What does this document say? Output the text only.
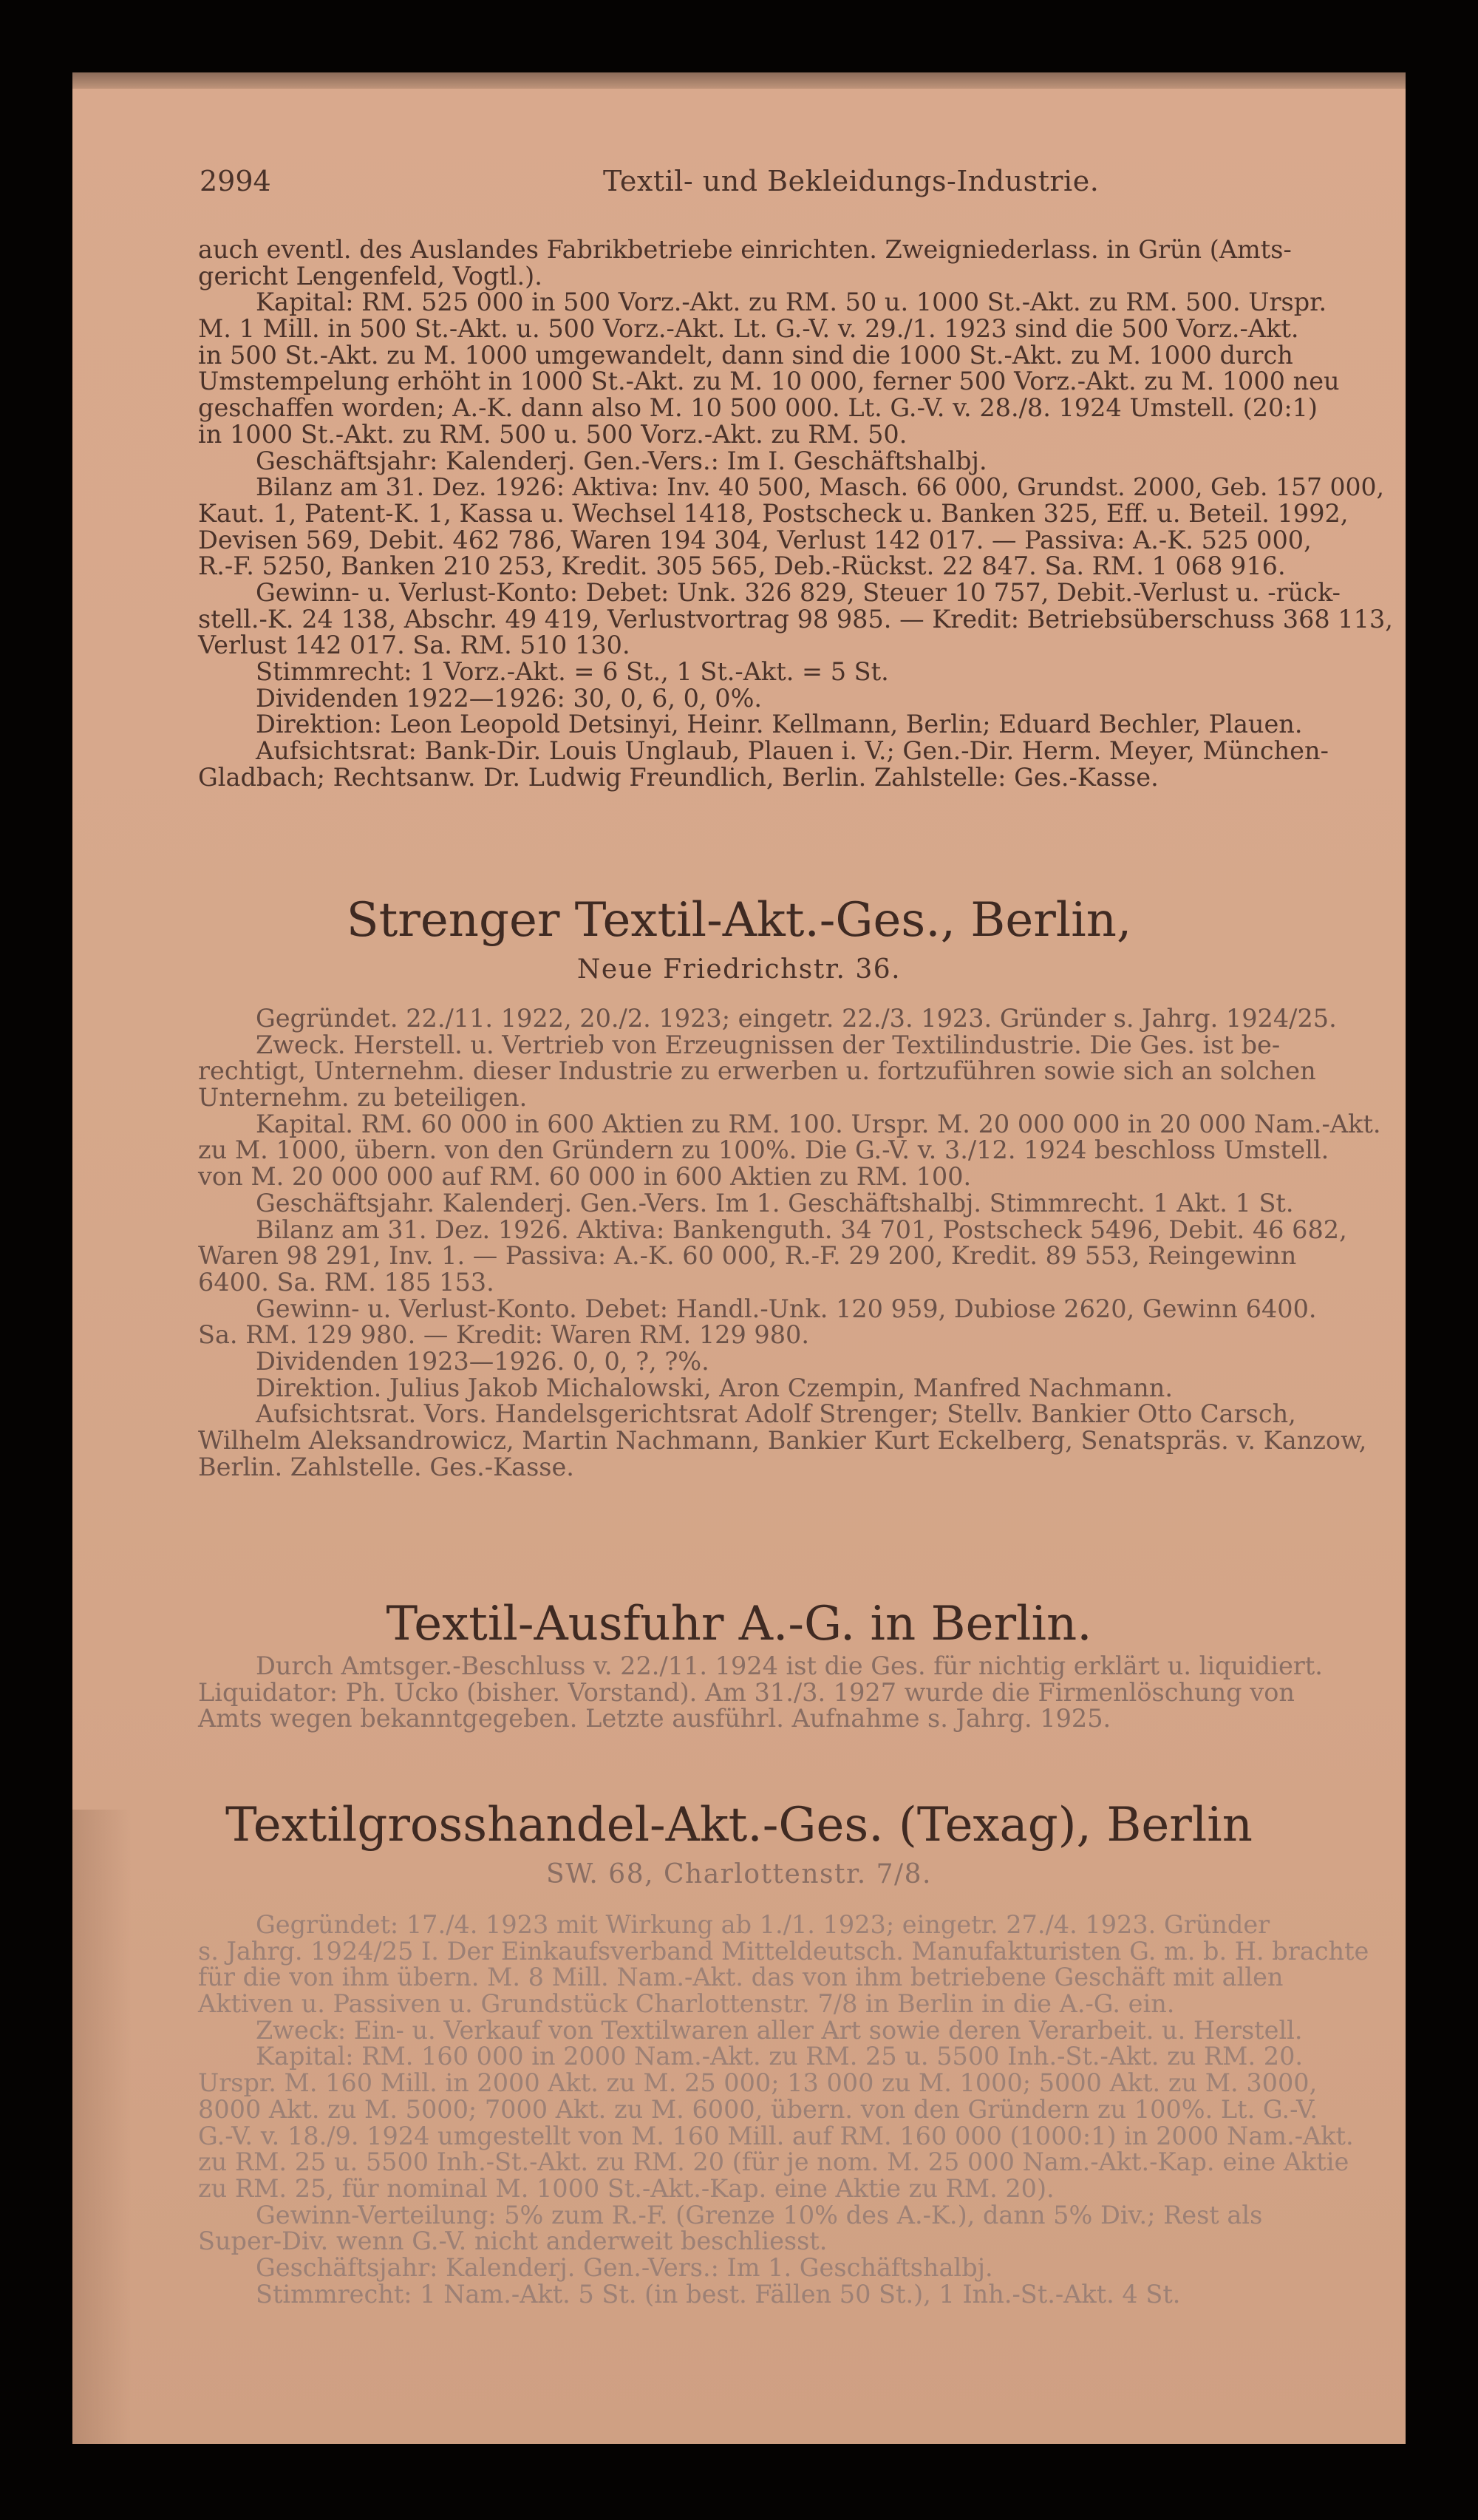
2994	Textil- und Bekleidungs-Industrie.

auch eventl. des Auslandes Fabrikbetriebe einrichten. Zweigniederlass. in Grün (Amts-

gericht Lengenfeld, Vogtl.).

Kapital: RM. 525 000 in 500 Vorz.-Akt. zu RM. 50 u. 1000 St.-Akt. zu RM. 500. Urspr.

M. 1 Mill. in 500 St.-Akt. u. 500 Vorz.-Akt. Lt. G.-V. v. 29./1. 1923 sind die 500 Vorz.-Akt.

in 500 St.-Akt. zu M. 1000 umgewandelt, dann sind die 1000 St.-Akt. zu M. 1000 durch

Umstempelung erhöht in 1000 St.-Akt. zu M. 10 000, ferner 500 Vorz.-Akt. zu M. 1000 neu

geschaffen worden; A.-K. dann also M. 10 500 000. Lt. G.-V. v. 28./8. 1924 Umstell. (20:1)

in 1000 St.-Akt. zu RM. 500 u. 500 Vorz.-Akt. zu RM. 50.

Geschäftsjahr: Kalenderj. Gen.-Vers.: Im I. Geschäftshalbj.

Bilanz am 31. Dez. 1926: Aktiva: Inv. 40 500, Masch. 66 000, Grundst. 2000, Geb. 157 000,

Kaut. 1, Patent-K. 1, Kassa u. Wechsel 1418, Postscheck u. Banken 325, Eff. u. Beteil. 1992,

Devisen 569, Debit. 462 786, Waren 194 304, Verlust 142 017. — Passiva: A.-K. 525 000,

R.-F. 5250, Banken 210 253, Kredit. 305 565, Deb.-Rückst. 22 847. Sa. RM. 1 068 916.

Gewinn- u. Verlust-Konto: Debet: Unk. 326 829, Steuer 10 757, Debit.-Verlust u. -rück-

stell.-K. 24 138, Abschr. 49 419, Verlustvortrag 98 985. — Kredit: Betriebsüberschuss 368 113,

Verlust 142 017. Sa. RM. 510 130.

Stimmrecht: 1 Vorz.-Akt. = 6 St., 1 St.-Akt. = 5 St.

Dividenden 1922—1926: 30, 0, 6, 0, 0%.

Direktion: Leon Leopold Detsinyi, Heinr. Kellmann, Berlin; Eduard Bechler, Plauen.

Aufsichtsrat: Bank-Dir. Louis Unglaub, Plauen i. V.; Gen.-Dir. Herm. Meyer, München-

Gladbach; Rechtsanw. Dr. Ludwig Freundlich, Berlin. Zahlstelle: Ges.-Kasse.

Strenger Textil-Akt.-Ges., Berlin,
Neue Friedrichstr. 36.

Gegründet. 22./11. 1922, 20./2. 1923; eingetr. 22./3. 1923. Gründer s. Jahrg. 1924/25.

Zweck. Herstell. u. Vertrieb von Erzeugnissen der Textilindustrie. Die Ges. ist be-

rechtigt, Unternehm. dieser Industrie zu erwerben u. fortzuführen sowie sich an solchen

Unternehm. zu beteiligen.

Kapital. RM. 60 000 in 600 Aktien zu RM. 100. Urspr. M. 20 000 000 in 20 000 Nam.-Akt.

zu M. 1000, übern. von den Gründern zu 100%. Die G.-V. v. 3./12. 1924 beschloss Umstell.

von M. 20 000 000 auf RM. 60 000 in 600 Aktien zu RM. 100.

Geschäftsjahr. Kalenderj. Gen.-Vers. Im 1. Geschäftshalbj. Stimmrecht. 1 Akt. 1 St.

Bilanz am 31. Dez. 1926. Aktiva: Bankenguth. 34 701, Postscheck 5496, Debit. 46 682,

Waren 98 291, Inv. 1. — Passiva: A.-K. 60 000, R.-F. 29 200, Kredit. 89 553, Reingewinn

6400. Sa. RM. 185 153.

Gewinn- u. Verlust-Konto. Debet: Handl.-Unk. 120 959, Dubiose 2620, Gewinn 6400.

Sa. RM. 129 980. — Kredit: Waren RM. 129 980.

Dividenden 1923—1926. 0, 0, ?, ?%.

Direktion. Julius Jakob Michalowski, Aron Czempin, Manfred Nachmann.

Aufsichtsrat. Vors. Handelsgerichtsrat Adolf Strenger; Stellv. Bankier Otto Carsch,

Wilhelm Aleksandrowicz, Martin Nachmann, Bankier Kurt Eckelberg, Senatspräs. v. Kanzow,

Berlin. Zahlstelle. Ges.-Kasse.

Textil-Ausfuhr A.-G. in Berlin.

Durch Amtsger.-Beschluss v. 22./11. 1924 ist die Ges. für nichtig erklärt u. liquidiert.

Liquidator: Ph. Ucko (bisher. Vorstand). Am 31./3. 1927 wurde die Firmenlöschung von

Amts wegen bekanntgegeben. Letzte ausführl. Aufnahme s. Jahrg. 1925.

Textilgrosshandel-Akt.-Ges. (Texag), Berlin
SW. 68, Charlottenstr. 7/8.

Gegründet: 17./4. 1923 mit Wirkung ab 1./1. 1923; eingetr. 27./4. 1923. Gründer

s. Jahrg. 1924/25 I. Der Einkaufsverband Mitteldeutsch. Manufakturisten G. m. b. H. brachte

für die von ihm übern. M. 8 Mill. Nam.-Akt. das von ihm betriebene Geschäft mit allen

Aktiven u. Passiven u. Grundstück Charlottenstr. 7/8 in Berlin in die A.-G. ein.

Zweck: Ein- u. Verkauf von Textilwaren aller Art sowie deren Verarbeit. u. Herstell.

Kapital: RM. 160 000 in 2000 Nam.-Akt. zu RM. 25 u. 5500 Inh.-St.-Akt. zu RM. 20.

Urspr. M. 160 Mill. in 2000 Akt. zu M. 25 000; 13 000 zu M. 1000; 5000 Akt. zu M. 3000,

8000 Akt. zu M. 5000; 7000 Akt. zu M. 6000, übern. von den Gründern zu 100%. Lt. G.-V.

G.-V. v. 18./9. 1924 umgestellt von M. 160 Mill. auf RM. 160 000 (1000:1) in 2000 Nam.-Akt.

zu RM. 25 u. 5500 Inh.-St.-Akt. zu RM. 20 (für je nom. M. 25 000 Nam.-Akt.-Kap. eine Aktie

zu RM. 25, für nominal M. 1000 St.-Akt.-Kap. eine Aktie zu RM. 20).

Gewinn-Verteilung: 5% zum R.-F. (Grenze 10% des A.-K.), dann 5% Div.; Rest als

Super-Div. wenn G.-V. nicht anderweit beschliesst.

Geschäftsjahr: Kalenderj. Gen.-Vers.: Im 1. Geschäftshalbj.

Stimmrecht: 1 Nam.-Akt. 5 St. (in best. Fällen 50 St.), 1 Inh.-St.-Akt. 4 St.
